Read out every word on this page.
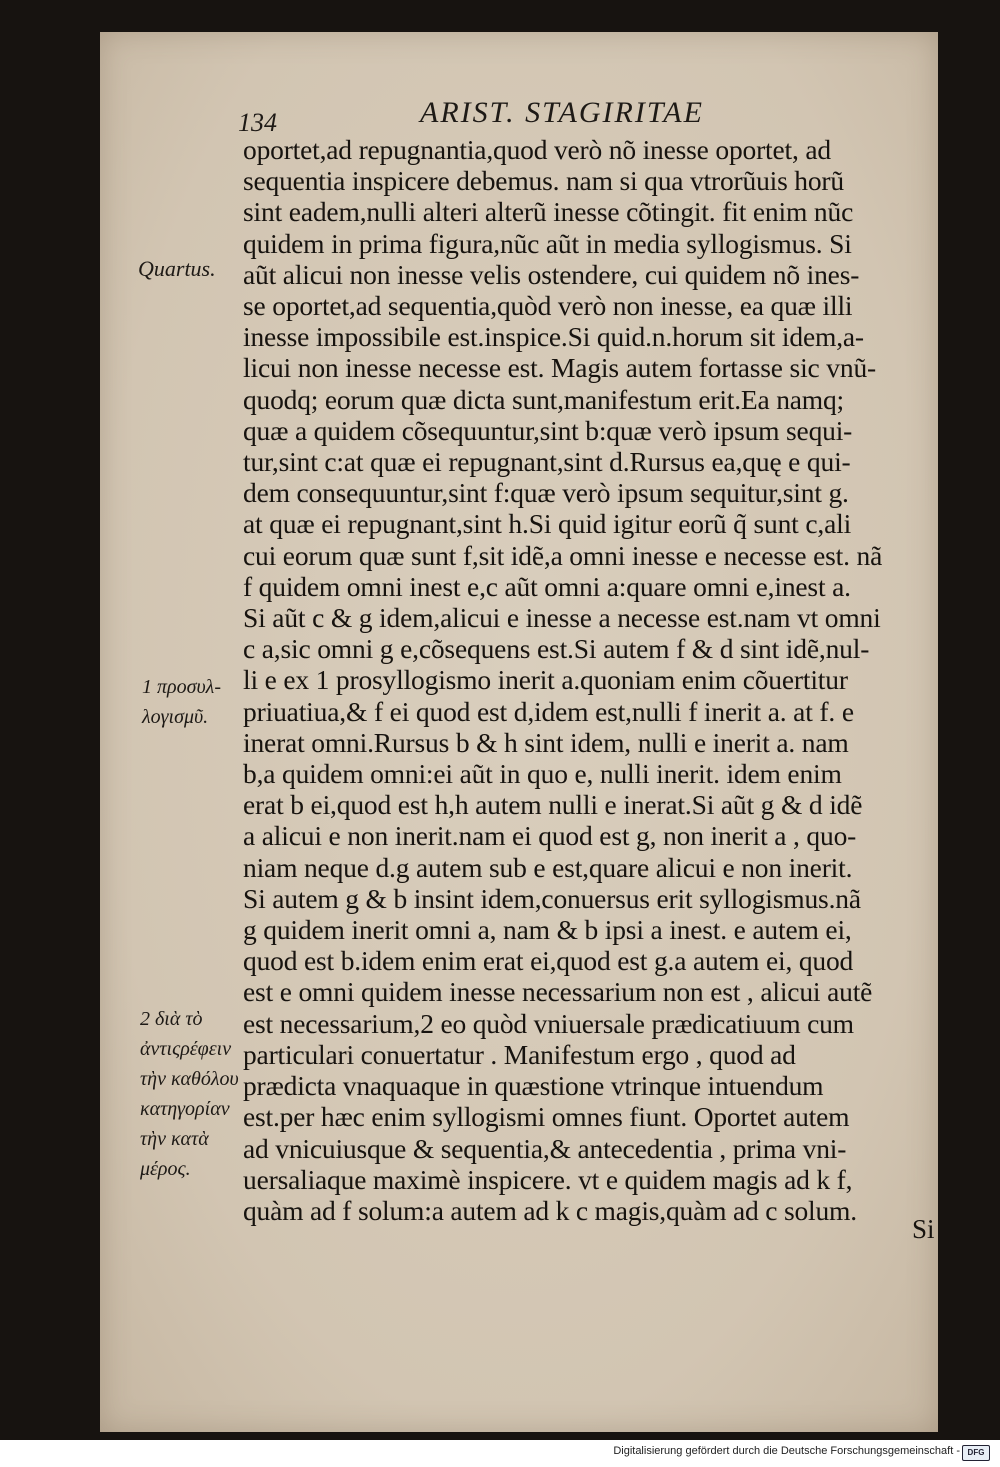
134	ARIST. STAGIRITAE
oportet,ad repugnantia,quod verò nõ inesse oportet, ad
sequentia inspicere debemus. nam si qua vtrorũuis horũ
sint eadem,nulli alteri alterũ inesse cõtingit. fit enim nũc
quidem in prima figura,nũc aũt in media syllogismus. Si
aũt alicui non inesse velis ostendere, cui quidem nõ ines-
se oportet,ad sequentia,quòd verò non inesse, ea quæ illi
inesse impossibile est.inspice.Si quid.n.horum sit idem,a-
licui non inesse necesse est. Magis autem fortasse sic vnũ-
quodq; eorum quæ dicta sunt,manifestum erit.Ea namq;
quæ a quidem cõsequuntur,sint b:quæ verò ipsum sequi-
tur,sint c:at quæ ei repugnant,sint d.Rursus ea,quę e qui-
dem consequuntur,sint f:quæ verò ipsum sequitur,sint g.
at quæ ei repugnant,sint h.Si quid igitur eorũ q̃ sunt c,ali
cui eorum quæ sunt f,sit idẽ,a omni inesse e necesse est. nã
f quidem omni inest e,c aũt omni a:quare omni e,inest a.
Si aũt c & g idem,alicui e inesse a necesse est.nam vt omni
c a,sic omni g e,cõsequens est.Si autem f & d sint idẽ,nul-
li e ex 1 prosyllogismo inerit a.quoniam enim cõuertitur
priuatiua,& f ei quod est d,idem est,nulli f inerit a. at f. e
inerat omni.Rursus b & h sint idem, nulli e inerit a. nam
b,a quidem omni:ei aũt in quo e, nulli inerit. idem enim
erat b ei,quod est h,h autem nulli e inerat.Si aũt g & d idẽ
a alicui e non inerit.nam ei quod est g, non inerit a , quo-
niam neque d.g autem sub e est,quare alicui e non inerit.
Si autem g & b insint idem,conuersus erit syllogismus.nã
g quidem inerit omni a, nam & b ipsi a inest. e autem ei,
quod est b.idem enim erat ei,quod est g.a autem ei, quod
est e omni quidem inesse necessarium non est , alicui autẽ
est necessarium,2 eo quòd vniuersale prædicatiuum cum
particulari conuertatur . Manifestum ergo , quod ad
prædicta vnaquaque in quæstione vtrinque intuendum
est.per hæc enim syllogismi omnes fiunt. Oportet autem
ad vnicuiusque & sequentia,& antecedentia , prima vni-
uersaliaque maximè inspicere. vt e quidem magis ad k f,
quàm ad f solum:a autem ad k c magis,quàm ad c solum.
Quartus.
1 προσυλ-
λογισμῦ.
2 διὰ τὸ
ἀντιςρέφειν
τὴν καθόλου
κατηγορίαν
τὴν κατὰ
μέρος.
Si
Digitalisierung gefördert durch die Deutsche Forschungsgemeinschaft - DFG
